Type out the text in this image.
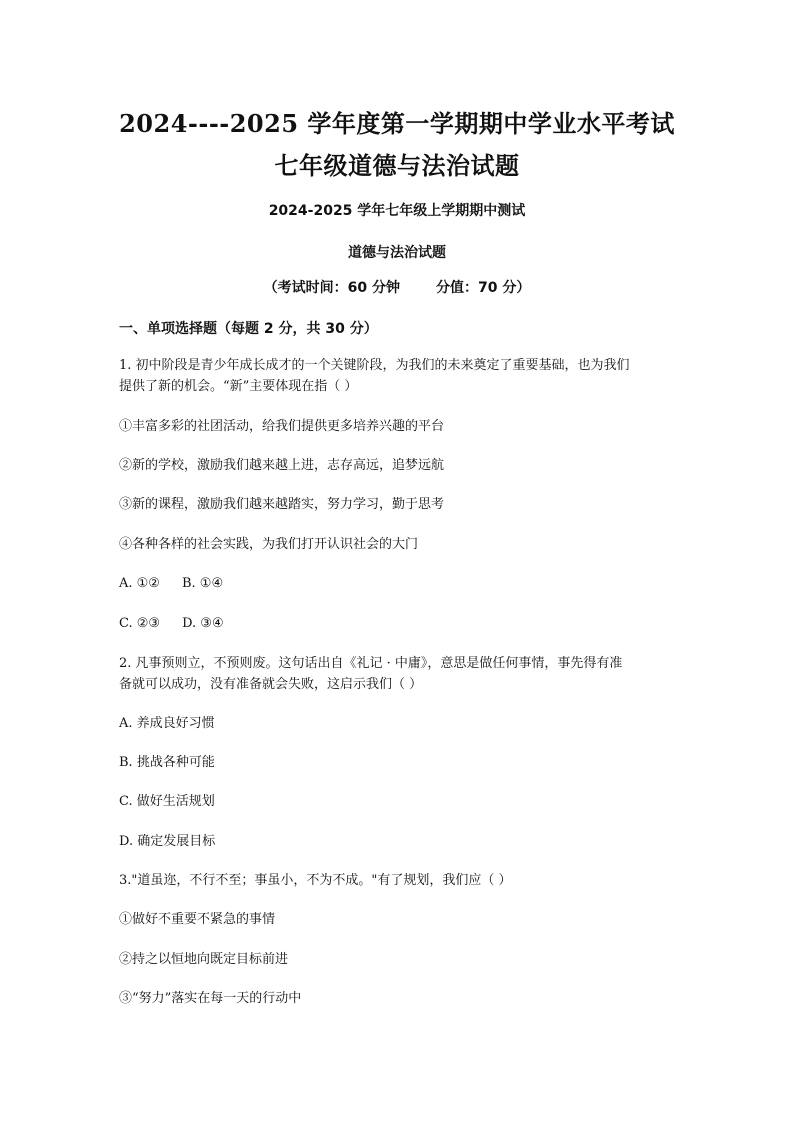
2024----2025 学年度第一学期期中学业水平考试
七年级道德与法治试题
2024-2025 学年七年级上学期期中测试
道德与法治试题
（考试时间：60 分钟	分值：70 分）
一、单项选择题（每题 2 分，共 30 分）
1. 初中阶段是青少年成长成才的一个关键阶段，为我们的未来奠定了重要基础，也为我们
提供了新的机会。“新”主要体现在指（ ）
①丰富多彩的社团活动，给我们提供更多培养兴趣的平台
②新的学校，激励我们越来越上进，志存高远，追梦远航
③新的课程，激励我们越来越踏实，努力学习，勤于思考
④各种各样的社会实践，为我们打开认识社会的大门
A. ①② B. ①④
C. ②③ D. ③④
2. 凡事预则立，不预则废。这句话出自《礼记 · 中庸》，意思是做任何事情，事先得有准
备就可以成功，没有准备就会失败，这启示我们（ ）
A. 养成良好习惯
B. 挑战各种可能
C. 做好生活规划
D. 确定发展目标
3."道虽迩，不行不至；事虽小，不为不成。"有了规划，我们应（ ）
①做好不重要不紧急的事情
②持之以恒地向既定目标前进
③“努力”落实在每一天的行动中
